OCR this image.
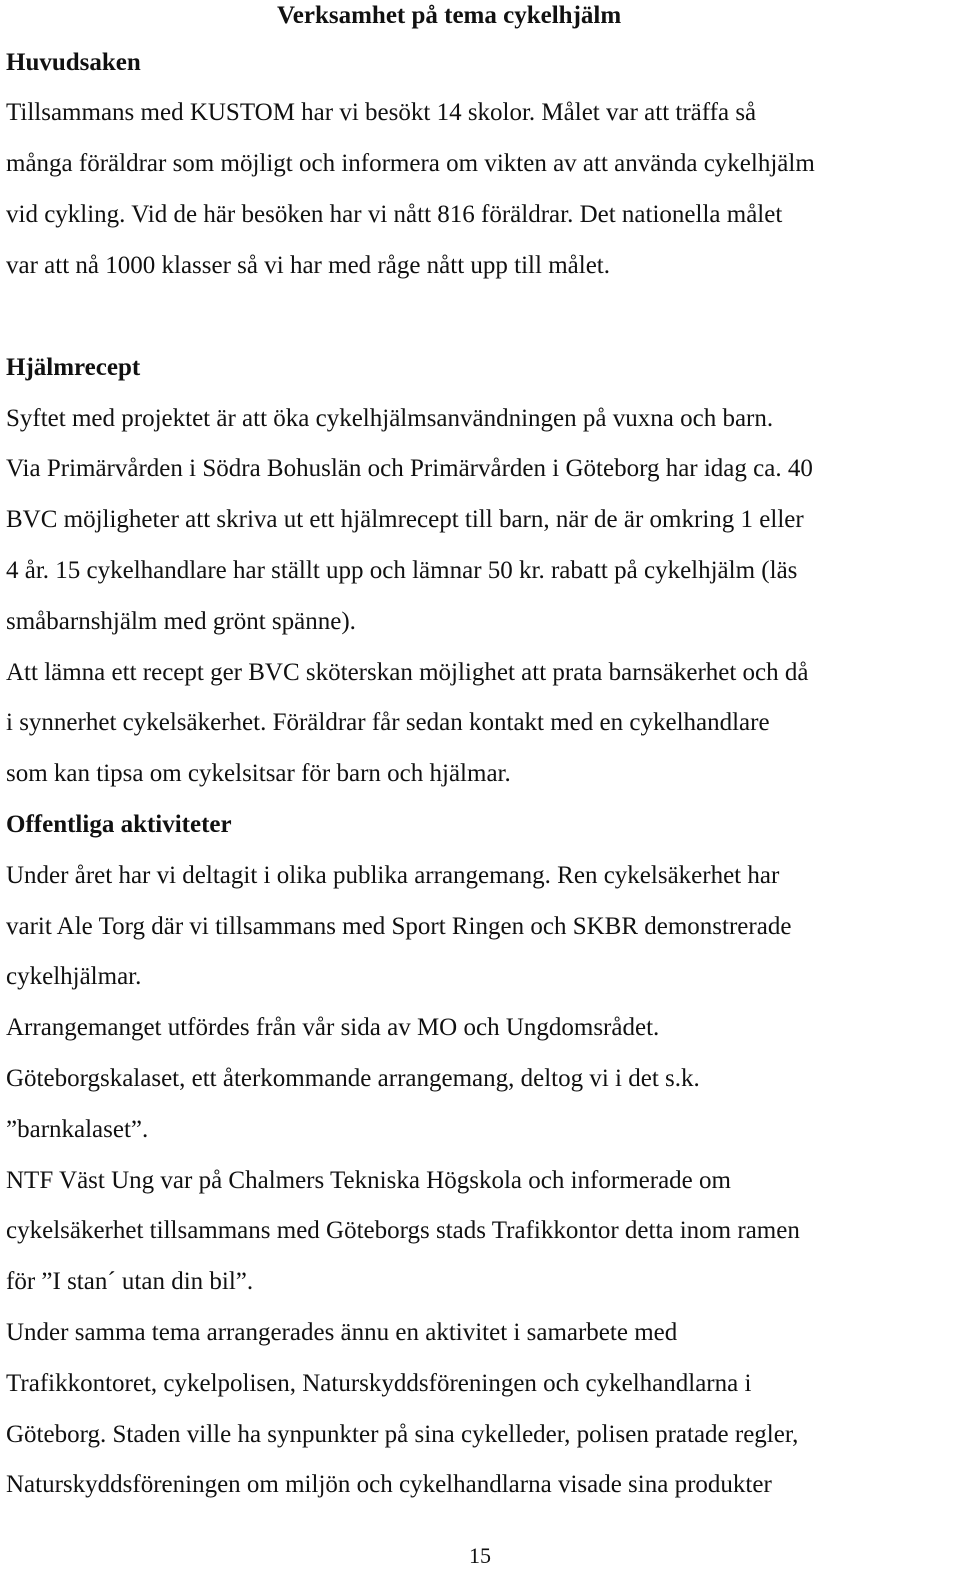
Verksamhet på tema cykelhjälm
Huvudsaken
Tillsammans med KUSTOM har vi besökt 14 skolor. Målet var att träffa så
många föräldrar som möjligt och informera om vikten av att använda cykelhjälm
vid cykling. Vid de här besöken har vi nått 816 föräldrar. Det nationella målet
var att nå 1000 klasser så vi har med råge nått upp till målet.
Hjälmrecept
Syftet med projektet är att öka cykelhjälmsanvändningen på vuxna och barn.
Via Primärvården i Södra Bohuslän och Primärvården i Göteborg har idag ca. 40
BVC möjligheter att skriva ut ett hjälmrecept till barn, när de är omkring 1 eller
4 år. 15 cykelhandlare har ställt upp och lämnar 50 kr. rabatt på cykelhjälm (läs
småbarnshjälm med grönt spänne).
Att lämna ett recept ger BVC sköterskan möjlighet att prata barnsäkerhet och då
i synnerhet cykelsäkerhet. Föräldrar får sedan kontakt med en cykelhandlare
som kan tipsa om cykelsitsar för barn och hjälmar.
Offentliga aktiviteter
Under året har vi deltagit i olika publika arrangemang. Ren cykelsäkerhet har
varit Ale Torg där vi tillsammans med Sport Ringen och SKBR demonstrerade
cykelhjälmar.
Arrangemanget utfördes från vår sida av MO och Ungdomsrådet.
Göteborgskalaset, ett återkommande arrangemang, deltog vi i det s.k.
”barnkalaset”.
NTF Väst Ung var på Chalmers Tekniska Högskola och informerade om
cykelsäkerhet tillsammans med Göteborgs stads Trafikkontor detta inom ramen
för ”I stan´ utan din bil”.
Under samma tema arrangerades ännu en aktivitet i samarbete med
Trafikkontoret, cykelpolisen, Naturskyddsföreningen och cykelhandlarna i
Göteborg. Staden ville ha synpunkter på sina cykelleder, polisen pratade regler,
Naturskyddsföreningen om miljön och cykelhandlarna visade sina produkter
15
